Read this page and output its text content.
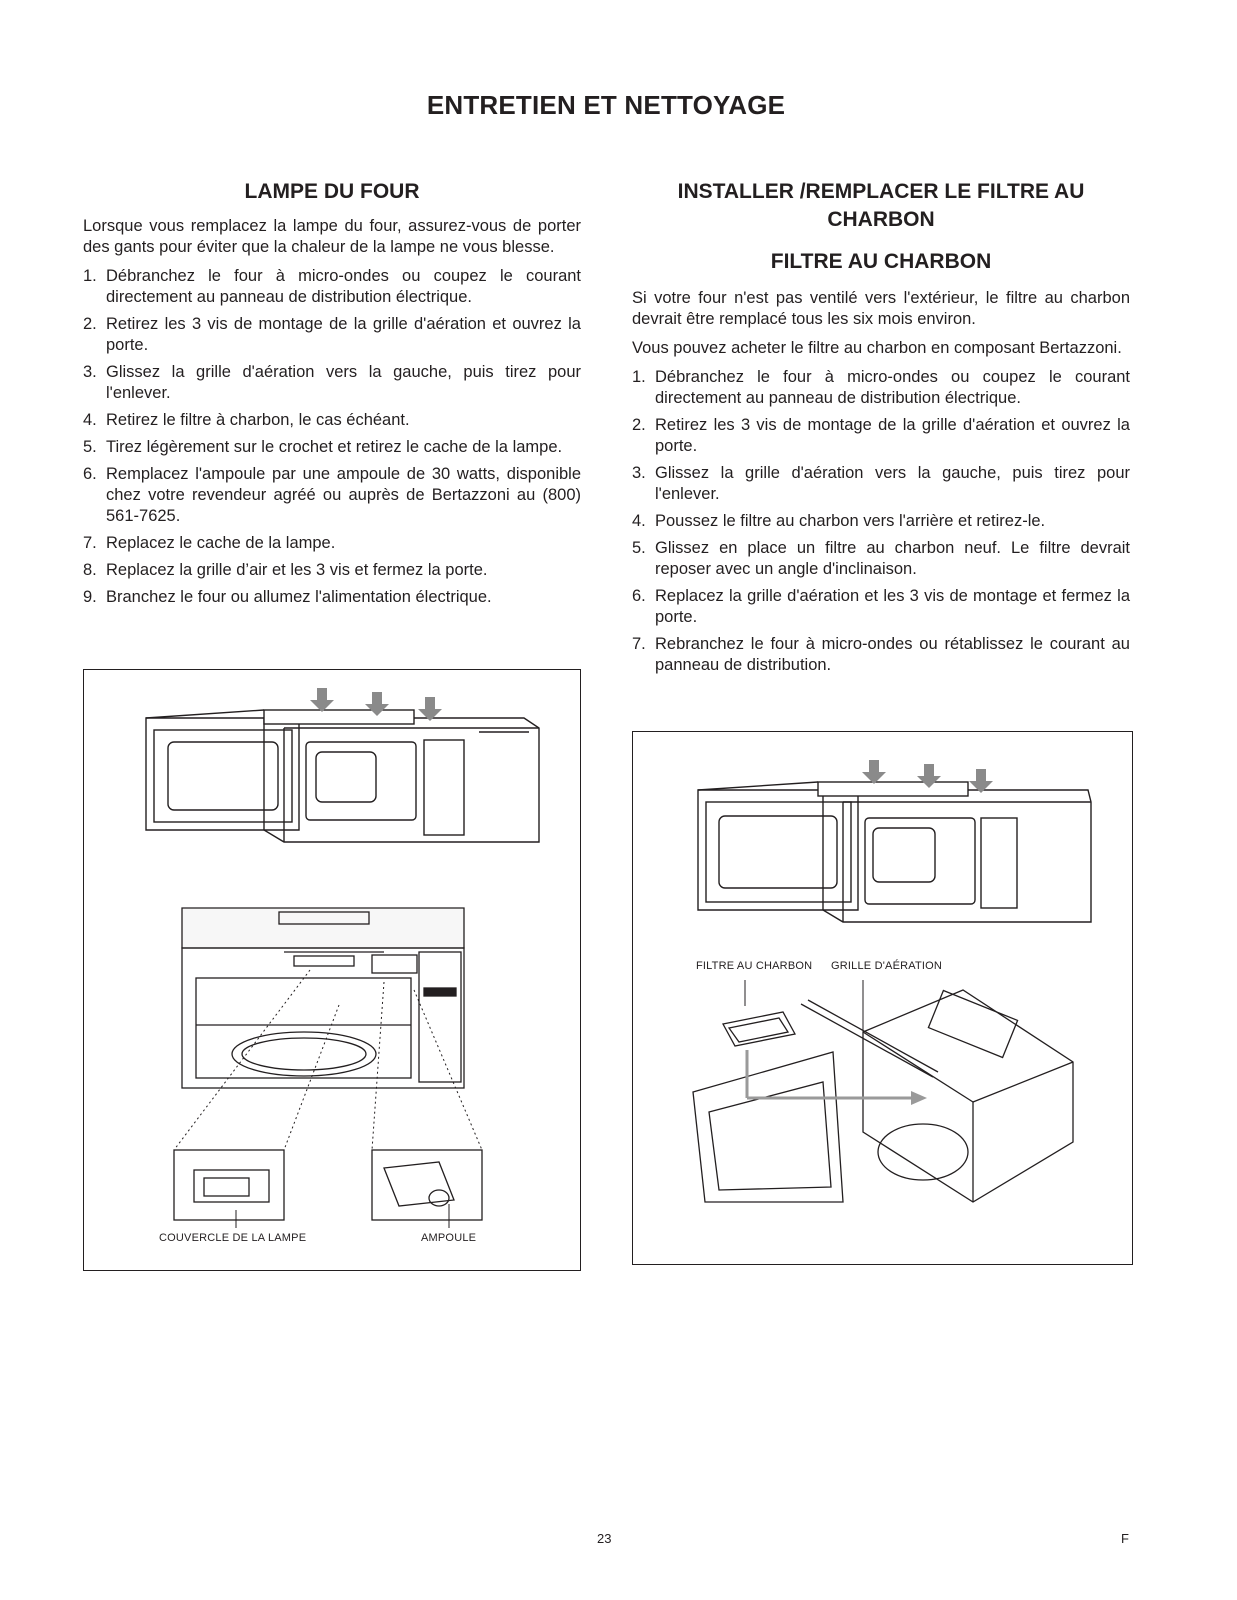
ENTRETIEN ET NETTOYAGE
LAMPE DU FOUR

Lorsque vous remplacez la lampe du four, assurez-vous de porter des gants pour éviter que la chaleur de la lampe ne vous blesse.

1. Débranchez le four à micro-ondes ou coupez le courant directement au panneau de distribution électrique.
2. Retirez les 3 vis de montage de la grille d'aération et ouvrez la porte.
3. Glissez la grille d'aération vers la gauche, puis tirez pour l'enlever.
4. Retirez le filtre à charbon, le cas échéant.
5. Tirez légèrement sur le crochet et retirez le cache de la lampe.
6. Remplacez l'ampoule par une ampoule de 30 watts, disponible chez votre revendeur agréé ou auprès de Bertazzoni au (800) 561-7625.
7. Replacez le cache de la lampe.
8. Replacez la grille d’air et les 3 vis et fermez la porte.
9. Branchez le four ou allumez l'alimentation électrique.
COUVERCLE DE LA LAMPE	AMPOULE
INSTALLER /REMPLACER LE FILTRE AU CHARBON
FILTRE AU CHARBON

Si votre four n'est pas ventilé vers l'extérieur, le filtre au charbon devrait être remplacé tous les six mois environ.

Vous pouvez acheter le filtre au charbon en composant Bertazzoni.

1. Débranchez le four à micro-ondes ou coupez le courant directement au panneau de distribution électrique.
2. Retirez les 3 vis de montage de la grille d'aération et ouvrez la porte.
3. Glissez la grille d'aération vers la gauche, puis tirez pour l'enlever.
4. Poussez le filtre au charbon vers l'arrière et retirez-le.
5. Glissez en place un filtre au charbon neuf. Le filtre devrait reposer avec un angle d'inclinaison.
6. Replacez la grille d'aération et les 3 vis de montage et fermez la porte.
7. Rebranchez le four à micro-ondes ou rétablissez le courant au panneau de distribution.
FILTRE AU CHARBON GRILLE D'AÉRATION
23	F
